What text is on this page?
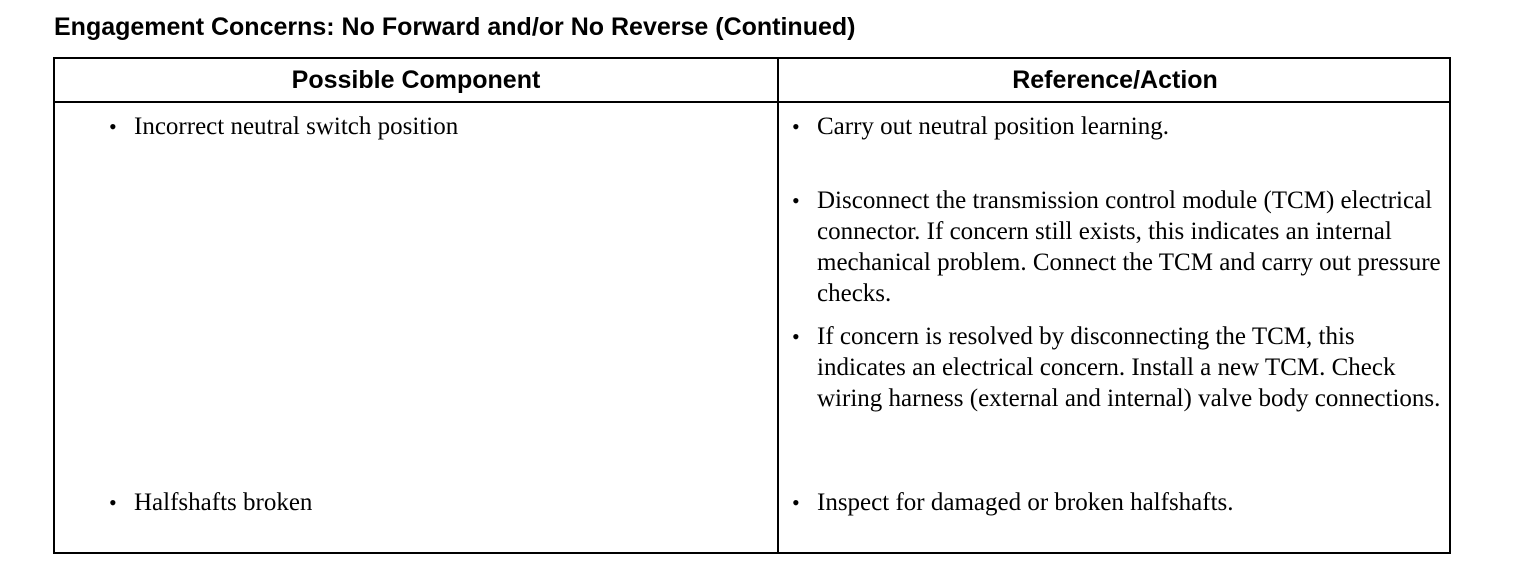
Engagement Concerns: No Forward and/or No Reverse (Continued)
Possible Component	Reference/Action
• Incorrect neutral switch position
• Halfshafts broken
• Carry out neutral position learning.
• Disconnect the transmission control module (TCM) electrical connector. If concern still exists, this indicates an internal mechanical problem. Connect the TCM and carry out pressure checks.
• If concern is resolved by disconnecting the TCM, this indicates an electrical concern. Install a new TCM. Check wiring harness (external and internal) valve body connections.
• Inspect for damaged or broken halfshafts.
